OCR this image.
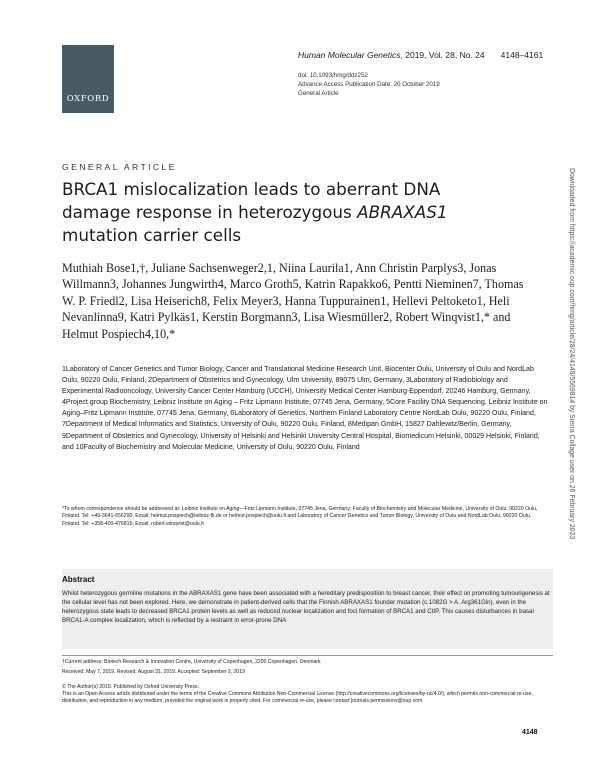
OXFORD
Human Molecular Genetics, 2019, Vol. 28, No. 24 4148–4161
doi: 10.1093/hmg/ddz252
Advance Access Publication Date: 20 October 2019
General Article
GENERAL ARTICLE
BRCA1 mislocalization leads to aberrant DNA damage response in heterozygous ABRAXAS1 mutation carrier cells
Muthiah Bose1,†, Juliane Sachsenweger2,1, Niina Laurila1, Ann Christin Parplys3, Jonas Willmann3, Johannes Jungwirth4, Marco Groth5, Katrin Rapakko6, Pentti Nieminen7, Thomas W. P. Friedl2, Lisa Heiserich8, Felix Meyer3, Hanna Tuppurainen1, Hellevi Peltoketo1, Heli Nevanlinna9, Katri Pylkäs1, Kerstin Borgmann3, Lisa Wiesmüller2, Robert Winqvist1,* and Helmut Pospiech4,10,*
1Laboratory of Cancer Genetics and Tumor Biology, Cancer and Translational Medicine Research Unit, Biocenter Oulu, University of Oulu and NordLab Oulu, 90220 Oulu, Finland, 2Department of Obstetrics and Gynecology, Ulm University, 89075 Ulm, Germany, 3Laboratory of Radiobiology and Experimental Radiooncology, University Cancer Center Hamburg (UCCH), University Medical Center Hamburg-Eppendorf, 20246 Hamburg, Germany, 4Project group Biochemistry, Leibniz Institute on Aging – Fritz Lipmann Institute, 07745 Jena, Germany, 5Core Facility DNA Sequencing, Leibniz Institute on Aging–Fritz Lipmann Institute, 07745 Jena, Germany, 6Laboratory of Genetics, Northern Finland Laboratory Centre NordLab Oulu, 90220 Oulu, Finland, 7Department of Medical Informatics and Statistics, University of Oulu, 90220 Oulu, Finland, 8Medipan GmbH, 15827 Dahlewitz/Berlin, Germany, 9Department of Obstetrics and Gynecology, University of Helsinki and Helsinki University Central Hospital, Biomedicum Helsinki, 00029 Helsinki, Finland, and 10Faculty of Biochemistry and Molecular Medicine, University of Oulu, 90220 Oulu, Finland
*To whom correspondence should be addressed at: Leibniz Institute on Aging—Fritz Lipmann Institute, 07745 Jena, Germany; Faculty of Biochemistry and Molecular Medicine, University of Oulu, 90220 Oulu, Finland. Tel: +49-3641-656290; Email: helmut.pospiech@leibniz-fli.de or helmut.pospiech@oulu.fi and Laboratory of Cancer Genetics and Tumor Biology, University of Oulu and NordLab Oulu, 90220 Oulu, Finland. Tel: +358-400-476815; Email: robert.winqvist@oulu.fi
Abstract
Whilst heterozygous germline mutations in the ABRAXAS1 gene have been associated with a hereditary predisposition to breast cancer, their effect on promoting tumourigenesis at the cellular level has not been explored. Here, we demonstrate in patient-derived cells that the Finnish ABRAXAS1 founder mutation (c.1082G > A, Arg361Gln), even in the heterozygous state leads to decreased BRCA1 protein levels as well as reduced nuclear localization and foci formation of BRCA1 and CtIP. This causes disturbances in basal BRCA1-A complex localization, which is reflected by a restraint in error-prone DNA
†Current address: Biotech Research & Innovation Centre, University of Copenhagen, 2200 Copenhagen, Denmark
Received: May 7, 2019. Revised: August 31, 2019. Accepted: September 2, 2019
© The Author(s) 2019. Published by Oxford University Press.
This is an Open Access article distributed under the terms of the Creative Commons Attribution Non-Commercial License (http://creativecommons.org/licenses/by-nc/4.0/), which permits non-commercial re-use, distribution, and reproduction in any medium, provided the original work is properly cited. For commercial re-use, please contact journals.permissions@oup.com
4148
Downloaded from https://academic.oup.com/hmg/article/28/24/4148/5569814 by Sierra Collage user on 26 February 2023
